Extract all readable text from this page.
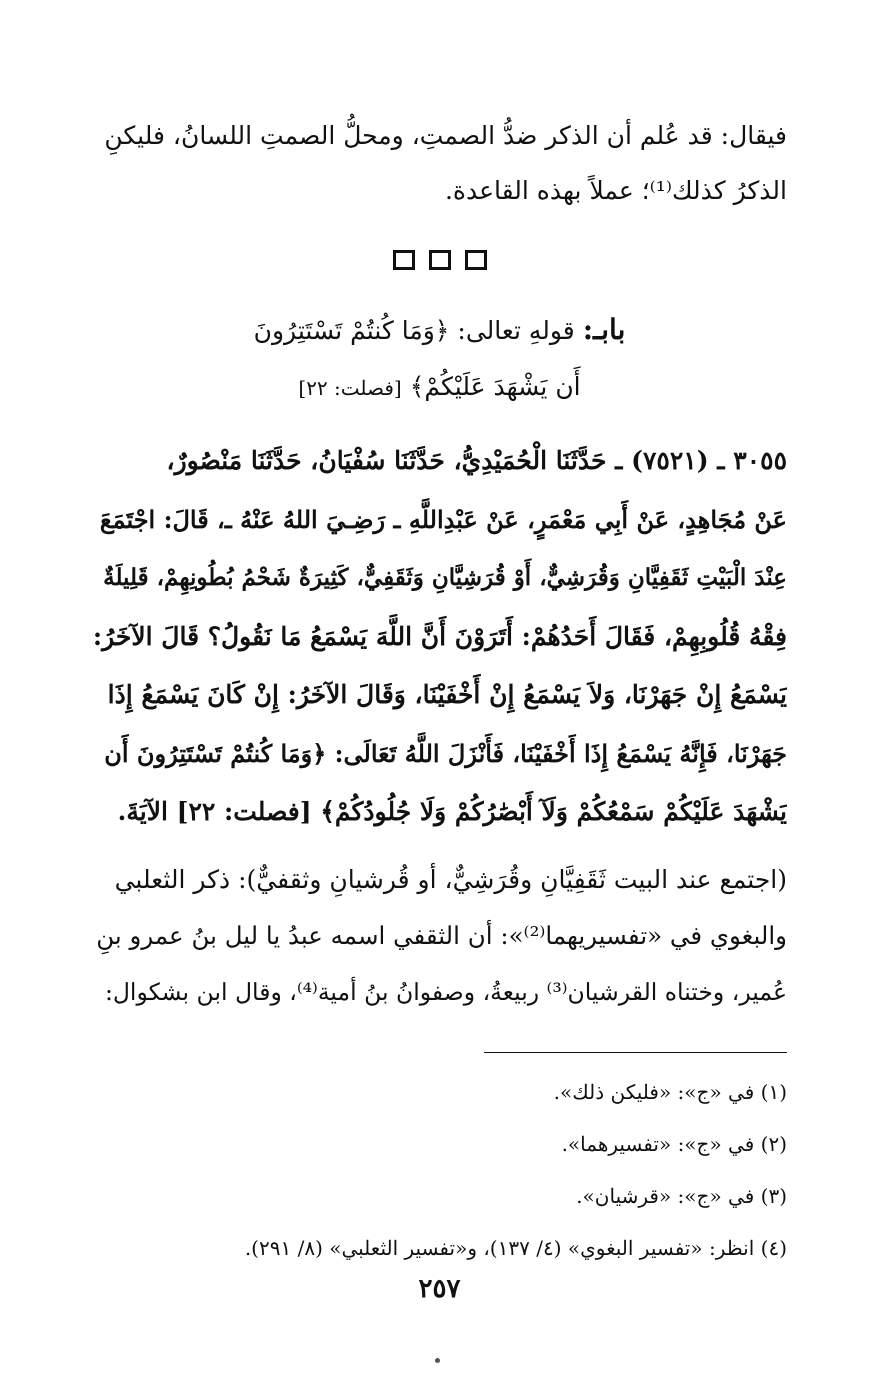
فيقال: قد عُلم أن الذكر ضدُّ الصمتِ، ومحلُّ الصمتِ اللسانُ، فليكنِ
الذكرُ كذلك⁽¹⁾؛ عملاً بهذه القاعدة.
بابـ: قولهِ تعالى: ﴿وَمَا كُنتُمْ تَسْتَتِرُونَ
أَن يَشْهَدَ عَلَيْكُمْ﴾ [فصلت: ٢٢]
٣٠٥٥ ـ (٧٥٢١) ـ حَدَّثَنَا الْحُمَيْدِيُّ، حَدَّثَنَا سُفْيَانُ، حَدَّثَنَا مَنْصُورٌ،
عَنْ مُجَاهِدٍ، عَنْ أَبِي مَعْمَرٍ، عَنْ عَبْدِاللَّهِ ـ رَضِـيَ اللهُ عَنْهُ ـ، قَالَ: اجْتَمَعَ
عِنْدَ الْبَيْتِ ثَقَفِيَّانِ وَقُرَشِيٌّ، أَوْ قُرَشِيَّانِ وَثَقَفِيٌّ، كَثِيرَةٌ شَحْمُ بُطُونِهِمْ، قَلِيلَةٌ
فِقْهُ قُلُوبِهِمْ، فَقَالَ أَحَدُهُمْ: أَتَرَوْنَ أَنَّ اللَّهَ يَسْمَعُ مَا نَقُولُ؟ قَالَ الآخَرُ:
يَسْمَعُ إِنْ جَهَرْنَا، وَلاَ يَسْمَعُ إِنْ أَخْفَيْنَا، وَقَالَ الآخَرُ: إِنْ كَانَ يَسْمَعُ إِذَا
جَهَرْنَا، فَإِنَّهُ يَسْمَعُ إِذَا أَخْفَيْنَا، فَأَنْزَلَ اللَّهُ تَعَالَى: ﴿وَمَا كُنتُمْ تَسْتَتِرُونَ أَن
يَشْهَدَ عَلَيْكُمْ سَمْعُكُمْ وَلَآ أَبْصَٰرُكُمْ وَلَا جُلُودُكُمْ﴾ [فصلت: ٢٢] الآيَةَ.
(اجتمع عند البيت ثَقَفِيَّانِ وقُرَشِيٌّ، أو قُرشيانِ وثقفيٌّ): ذكر الثعلبي
والبغوي في «تفسيريهما⁽²⁾»: أن الثقفي اسمه عبدُ يا ليل بنُ عمرو بنِ
عُمير، وختناه القرشيان⁽³⁾ ربيعةُ، وصفوانُ بنُ أمية⁽⁴⁾، وقال ابن بشكوال:
(١) في «ج»: «فليكن ذلك».
(٢) في «ج»: «تفسيرهما».
(٣) في «ج»: «قرشيان».
(٤) انظر: «تفسير البغوي» (٤/ ١٣٧)، و«تفسير الثعلبي» (٨/ ٢٩١).
٢٥٧
